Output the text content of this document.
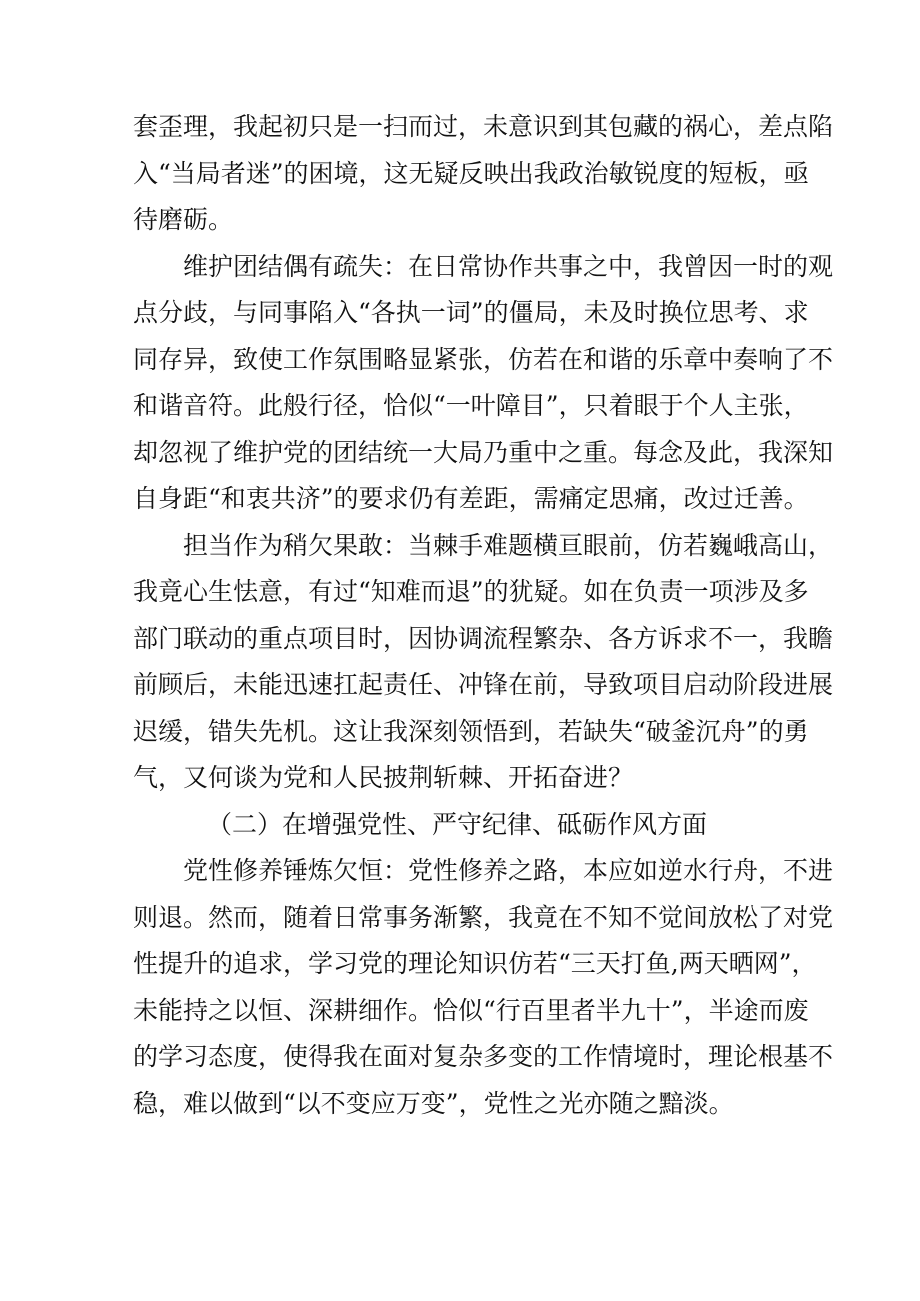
套歪理，我起初只是一扫而过，未意识到其包藏的祸心，差点陷
入“当局者迷”的困境，这无疑反映出我政治敏锐度的短板，亟
待磨砺。
维护团结偶有疏失：在日常协作共事之中，我曾因一时的观
点分歧，与同事陷入“各执一词”的僵局，未及时换位思考、求
同存异，致使工作氛围略显紧张，仿若在和谐的乐章中奏响了不
和谐音符。此般行径，恰似“一叶障目”，只着眼于个人主张，
却忽视了维护党的团结统一大局乃重中之重。每念及此，我深知
自身距“和衷共济”的要求仍有差距，需痛定思痛，改过迁善。
担当作为稍欠果敢：当棘手难题横亘眼前，仿若巍峨高山，
我竟心生怯意，有过“知难而退”的犹疑。如在负责一项涉及多
部门联动的重点项目时，因协调流程繁杂、各方诉求不一，我瞻
前顾后，未能迅速扛起责任、冲锋在前，导致项目启动阶段进展
迟缓，错失先机。这让我深刻领悟到，若缺失“破釜沉舟”的勇
气，又何谈为党和人民披荆斩棘、开拓奋进？
（二）在增强党性、严守纪律、砥砺作风方面
党性修养锤炼欠恒：党性修养之路，本应如逆水行舟，不进
则退。然而，随着日常事务渐繁，我竟在不知不觉间放松了对党
性提升的追求，学习党的理论知识仿若“三天打鱼,两天晒网”，
未能持之以恒、深耕细作。恰似“行百里者半九十”，半途而废
的学习态度，使得我在面对复杂多变的工作情境时，理论根基不
稳，难以做到“以不变应万变”，党性之光亦随之黯淡。
